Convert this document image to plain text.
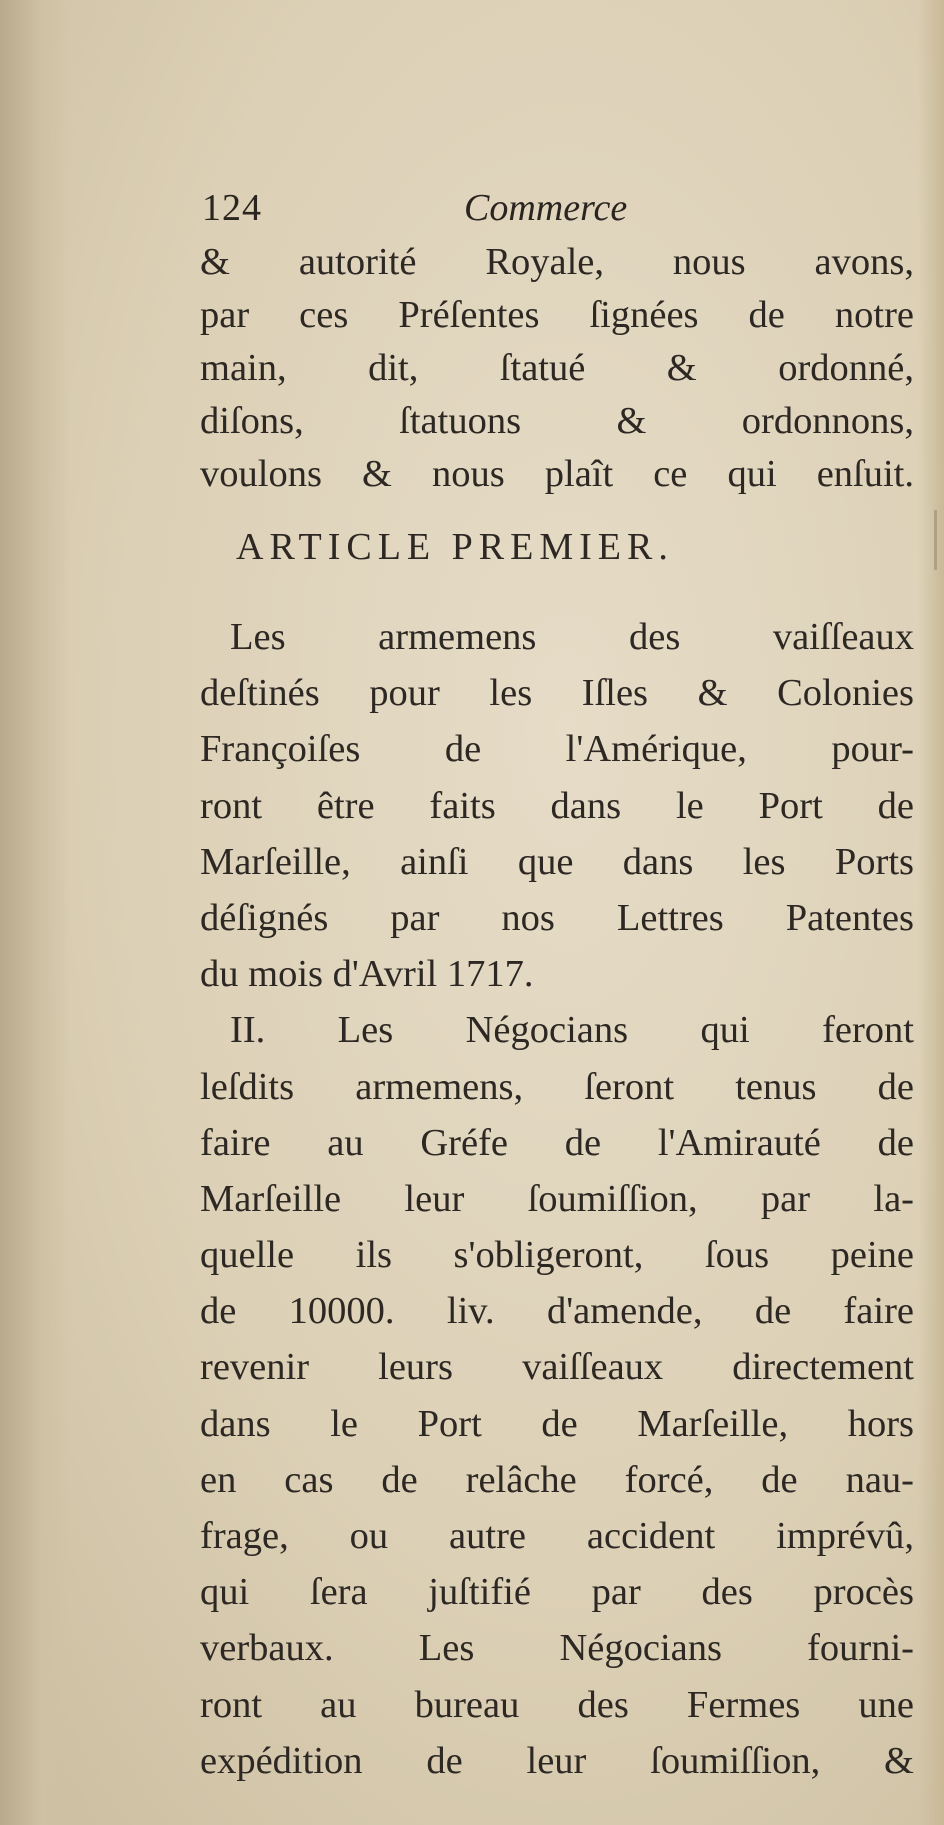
124	Commerce
& autorité Royale, nous avons,
par ces Préſentes ſignées de notre
main, dit, ſtatué & ordonné,
diſons, ſtatuons & ordonnons,
voulons & nous plaît ce qui enſuit.
ARTICLE PREMIER.
Les armemens des vaiſſeaux
deſtinés pour les Iſles & Colonies
Françoiſes de l'Amérique, pour-
ront être faits dans le Port de
Marſeille, ainſi que dans les Ports
déſignés par nos Lettres Patentes
du mois d'Avril 1717.
II. Les Négocians qui feront
leſdits armemens, ſeront tenus de
faire au Gréfe de l'Amirauté de
Marſeille leur ſoumiſſion, par la-
quelle ils s'obligeront, ſous peine
de 10000. liv. d'amende, de faire
revenir leurs vaiſſeaux directement
dans le Port de Marſeille, hors
en cas de relâche forcé, de nau-
frage, ou autre accident imprévû,
qui ſera juſtifié par des procès
verbaux. Les Négocians fourni-
ront au bureau des Fermes une
expédition de leur ſoumiſſion, &
